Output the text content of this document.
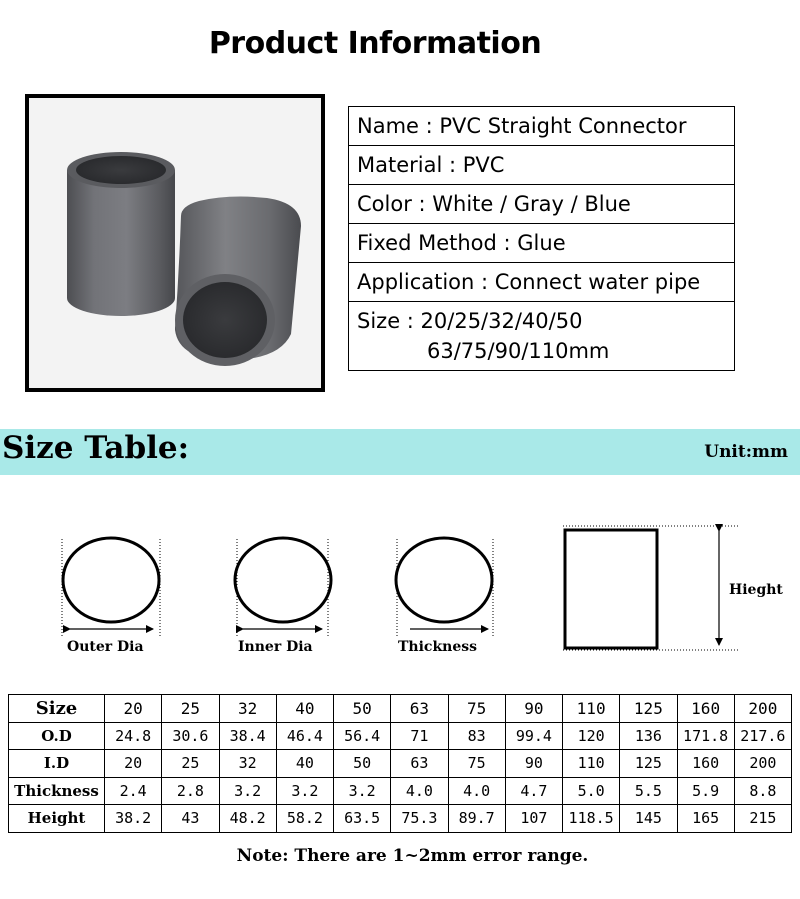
Product Information
Name : PVC Straight Connector
Material : PVC
Color : White / Gray / Blue
Fixed Method : Glue
Application : Connect water pipe
Size : 20/25/32/40/50
63/75/90/110mm
Size Table:	Unit:mm
Outer Dia	Inner Dia	Thickness
Hieght
Size	20	25	32	40	50	63	75	90	110	125	160	200
O.D	24.8	30.6	38.4	46.4	56.4	71	83	99.4	120	136	171.8	217.6
I.D	20	25	32	40	50	63	75	90	110	125	160	200
Thickness	2.4	2.8	3.2	3.2	3.2	4.0	4.0	4.7	5.0	5.5	5.9	8.8
Height	38.2	43	48.2	58.2	63.5	75.3	89.7	107	118.5	145	165	215
Note: There are 1~2mm error range.
